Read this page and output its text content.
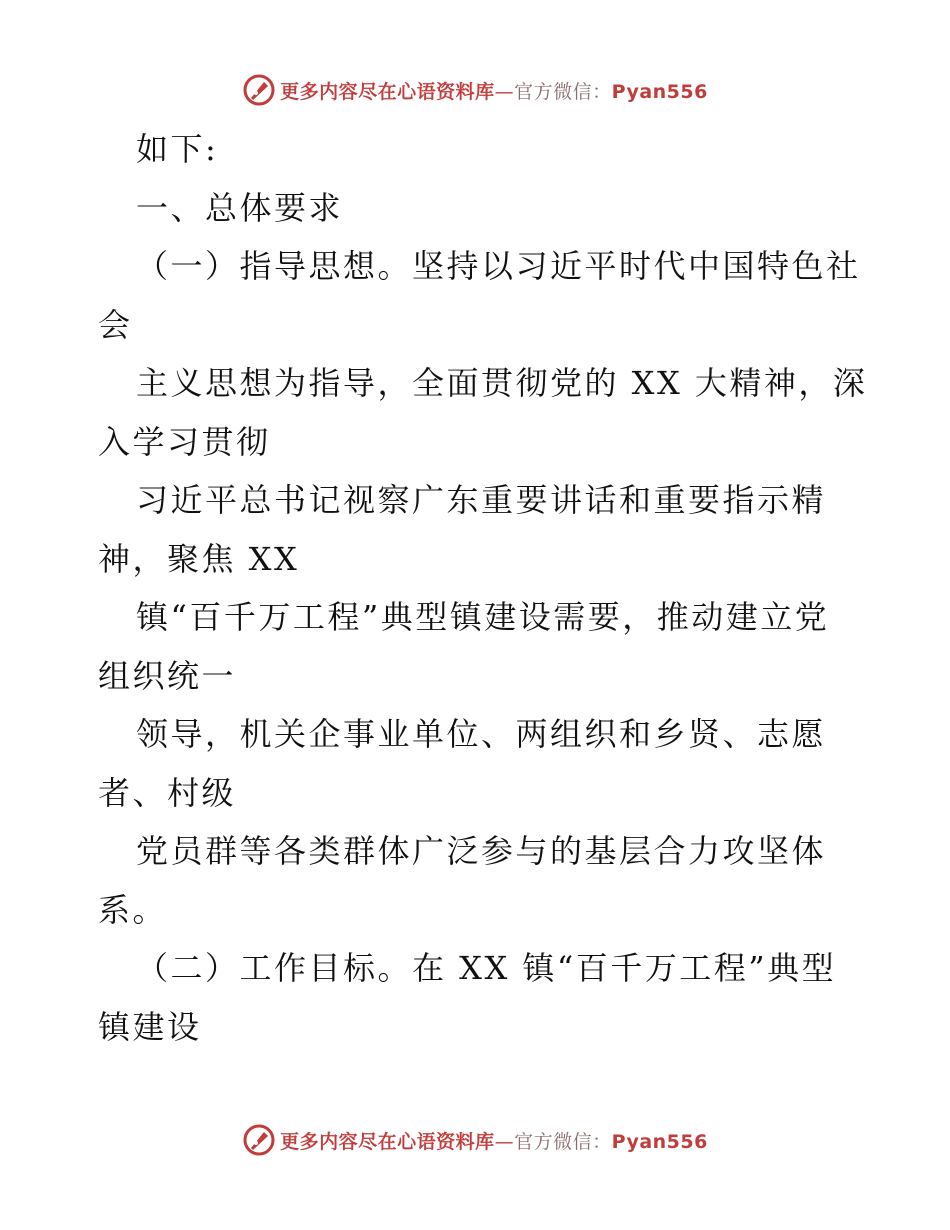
更多内容尽在心语资料库—官方微信：Pyan556
如下:
一、总体要求
（一）指导思想。坚持以习近平时代中国特色社
会
主义思想为指导，全面贯彻党的 XX 大精神，深
入学习贯彻
习近平总书记视察广东重要讲话和重要指示精
神，聚焦 XX
镇“百千万工程”典型镇建设需要，推动建立党
组织统一
领导，机关企事业单位、两组织和乡贤、志愿
者、村级
党员群等各类群体广泛参与的基层合力攻坚体
系。
（二）工作目标。在 XX 镇“百千万工程”典型
镇建设
更多内容尽在心语资料库—官方微信：Pyan556
